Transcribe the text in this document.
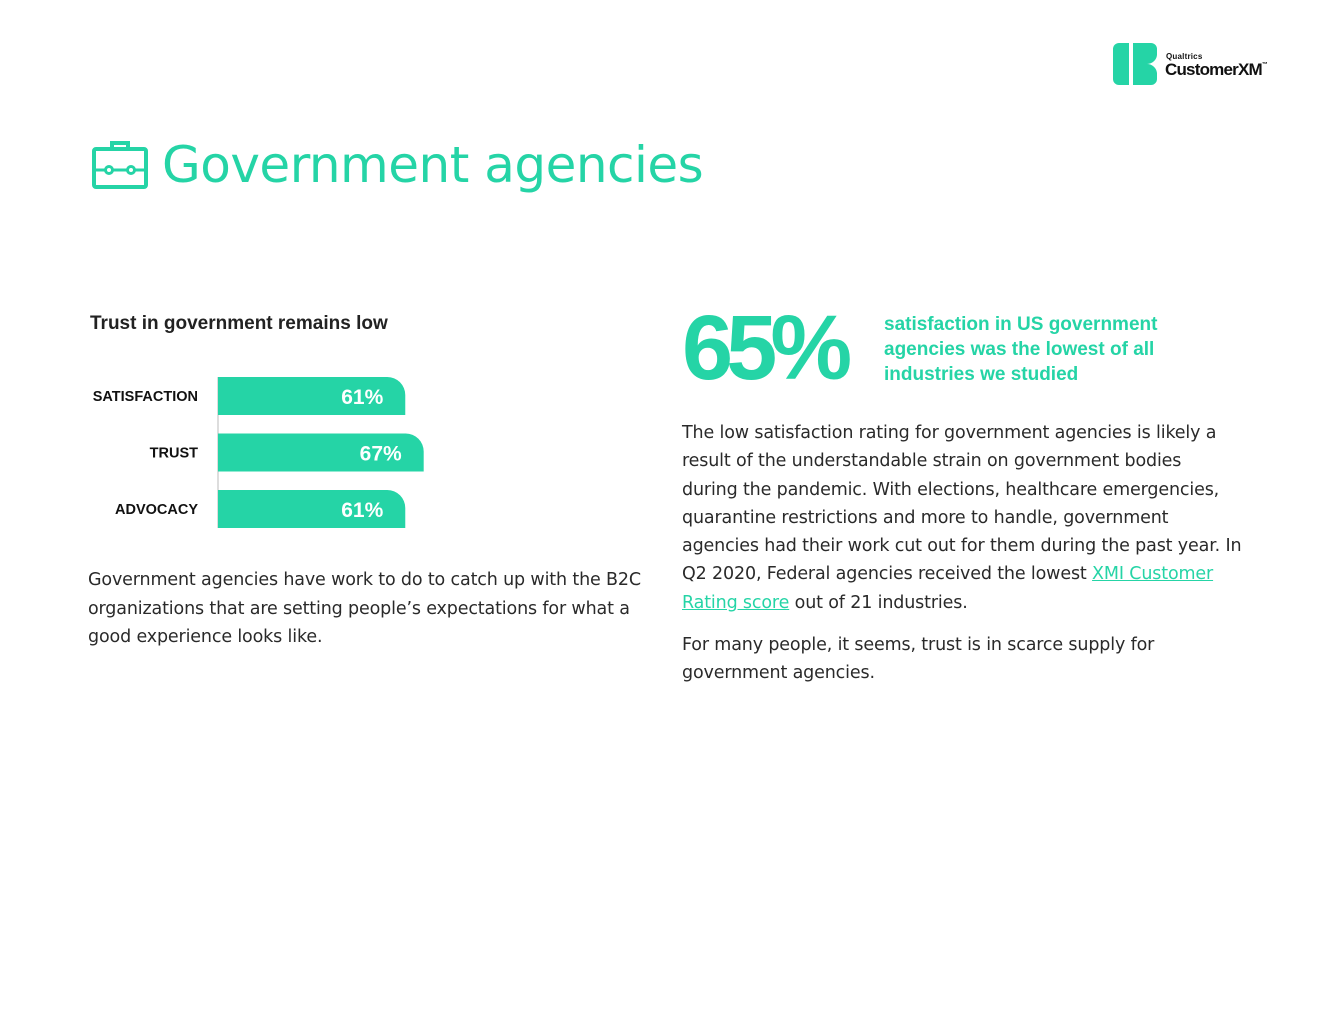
Qualtrics
CustomerXM™
Government agencies
Trust in government remains low
SATISFACTION	61%
TRUST	67%
ADVOCACY	61%

Government agencies have work to do to catch up with the B2C organizations that are setting people’s expectations for what a good experience looks like.

65% satisfaction in US government agencies was the lowest of all industries we studied

The low satisfaction rating for government agencies is likely a result of the understandable strain on government bodies during the pandemic. With elections, healthcare emergencies, quarantine restrictions and more to handle, government agencies had their work cut out for them during the past year. In Q2 2020, Federal agencies received the lowest XMI Customer Rating score out of 21 industries.

For many people, it seems, trust is in scarce supply for government agencies.
